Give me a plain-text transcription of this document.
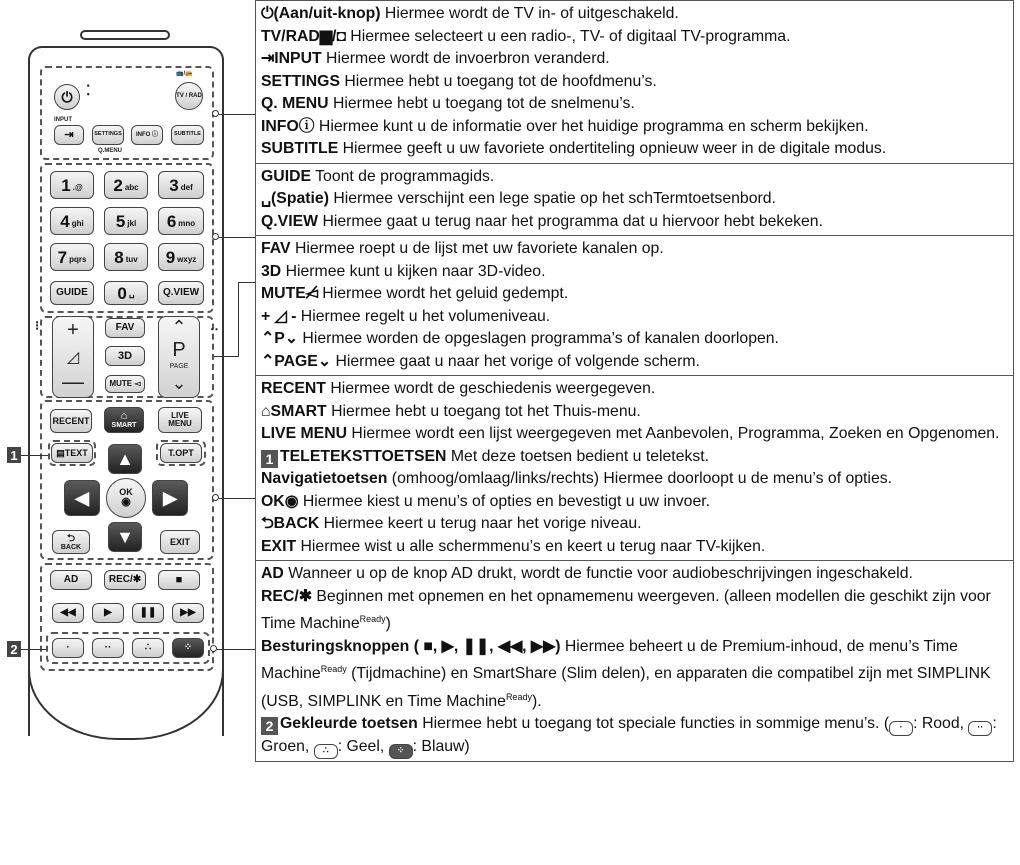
⏻ ⁚
📺/📻
TV / RAD
INPUT
⇥	SETTINGS
Q.MENU
INFO ⓘ	SUBTITLE
1 .@ 2 abc 3 def
4 ghi 5 jkl 6 mno
7 pqrs 8 tuv 9 wxyz
GUIDE	0 ␣	Q.VIEW
⁝	‥
+
◿
—
FAV
3D
MUTE ◅
⌃
P
PAGE
⌄
RECENT	⌂
SMART
LIVE MENU
▤ TEXT	T.OPT
▲
◀	OK
◉ ▶
▼
⮌
BACK
EXIT
AD	REC/✱	■
◀◀	▶	❚❚ ▶▶
·	··	∴	⁘
1
2
⏻(Aan/uit-knop) Hiermee wordt de TV in- of uitgeschakeld.
TV/RAD▆/◘ Hiermee selecteert u een radio-, TV- of digitaal TV-programma.
⇥INPUT Hiermee wordt de invoerbron veranderd.
SETTINGS Hiermee hebt u toegang tot de hoofdmenu’s.
Q. MENU Hiermee hebt u toegang tot de snelmenu’s.
INFOⓘ Hiermee kunt u de informatie over het huidige programma en scherm bekijken.
SUBTITLE Hiermee geeft u uw favoriete ondertiteling opnieuw weer in de digitale modus.
GUIDE Toont de programmagids.
␣(Spatie) Hiermee verschijnt een lege spatie op het schTermtoetsenbord.
Q.VIEW Hiermee gaat u terug naar het programma dat u hiervoor hebt bekeken.
FAV Hiermee roept u de lijst met uw favoriete kanalen op.
3D Hiermee kunt u kijken naar 3D-video.
MUTE◅̸ Hiermee wordt het geluid gedempt.
+ ◿ - Hiermee regelt u het volumeniveau.
⌃P⌄ Hiermee worden de opgeslagen programma’s of kanalen doorlopen.
⌃PAGE⌄ Hiermee gaat u naar het vorige of volgende scherm.
RECENT Hiermee wordt de geschiedenis weergegeven.
⌂SMART Hiermee hebt u toegang tot het Thuis-menu.
LIVE MENU Hiermee wordt een lijst weergegeven met Aanbevolen, Programma, Zoeken en Opgenomen.
1 TELETEKSTTOETSEN Met deze toetsen bedient u teletekst.
Navigatietoetsen (omhoog/omlaag/links/rechts) Hiermee doorloopt u de menu’s of opties.
OK◉ Hiermee kiest u menu’s of opties en bevestigt u uw invoer.
⮌BACK Hiermee keert u terug naar het vorige niveau.
EXIT Hiermee wist u alle schermmenu’s en keert u terug naar TV-kijken.
AD Wanneer u op de knop AD drukt, wordt de functie voor audiobeschrijvingen ingeschakeld.
REC/✱ Beginnen met opnemen en het opnamemenu weergeven. (alleen modellen die geschikt zijn voor Time Machine$^{Ready}$)
Besturingsknoppen ( ■, ▶, ❚❚, ◀◀, ▶▶) Hiermee beheert u de Premium-inhoud, de menu’s Time Machine$^{Ready}$ (Tijdmachine) en SmartShare (Slim delen), en apparaten die compatibel zijn met SIMPLINK (USB, SIMPLINK en Time Machine$^{Ready}$).
2 Gekleurde toetsen Hiermee hebt u toegang tot speciale functies in sommige menu’s. ( · : Rood, ·· : Groen, ∴ : Geel, ⁘ : Blauw)
